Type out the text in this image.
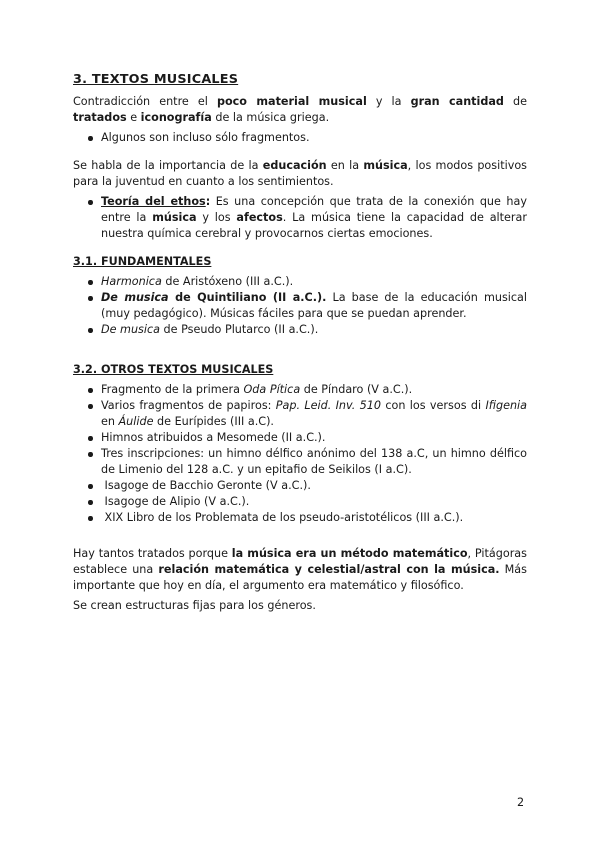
3. TEXTOS MUSICALES

Contradicción entre el poco material musical y la gran cantidad de tratados e iconografía de la música griega.

Algunos son incluso sólo fragmentos.

Se habla de la importancia de la educación en la música, los modos positivos para la juventud en cuanto a los sentimientos.

Teoría del ethos: Es una concepción que trata de la conexión que hay entre la música y los afectos. La música tiene la capacidad de alterar nuestra química cerebral y provocarnos ciertas emociones.
3.1. FUNDAMENTALES
Harmonica de Aristóxeno (III a.C.).
De musica de Quintiliano (II a.C.). La base de la educación musical (muy pedagógico). Músicas fáciles para que se puedan aprender.
De musica de Pseudo Plutarco (II a.C.).
3.2. OTROS TEXTOS MUSICALES
Fragmento de la primera Oda Pítica de Píndaro (V a.C.).
Varios fragmentos de papiros: Pap. Leid. Inv. 510 con los versos di Ifigenia en Áulide de Eurípides (III a.C).
Himnos atribuidos a Mesomede (II a.C.).
Tres inscripciones: un himno délfico anónimo del 138 a.C, un himno délfico de Limenio del 128 a.C. y un epitafio de Seikilos (I a.C).
Isagoge de Bacchio Geronte (V a.C.).
Isagoge de Alipio (V a.C.).
XIX Libro de los Problemata de los pseudo-aristotélicos (III a.C.).

Hay tantos tratados porque la música era un método matemático, Pitágoras establece una relación matemática y celestial/astral con la música. Más importante que hoy en día, el argumento era matemático y filosófico.

Se crean estructuras fijas para los géneros.

2
